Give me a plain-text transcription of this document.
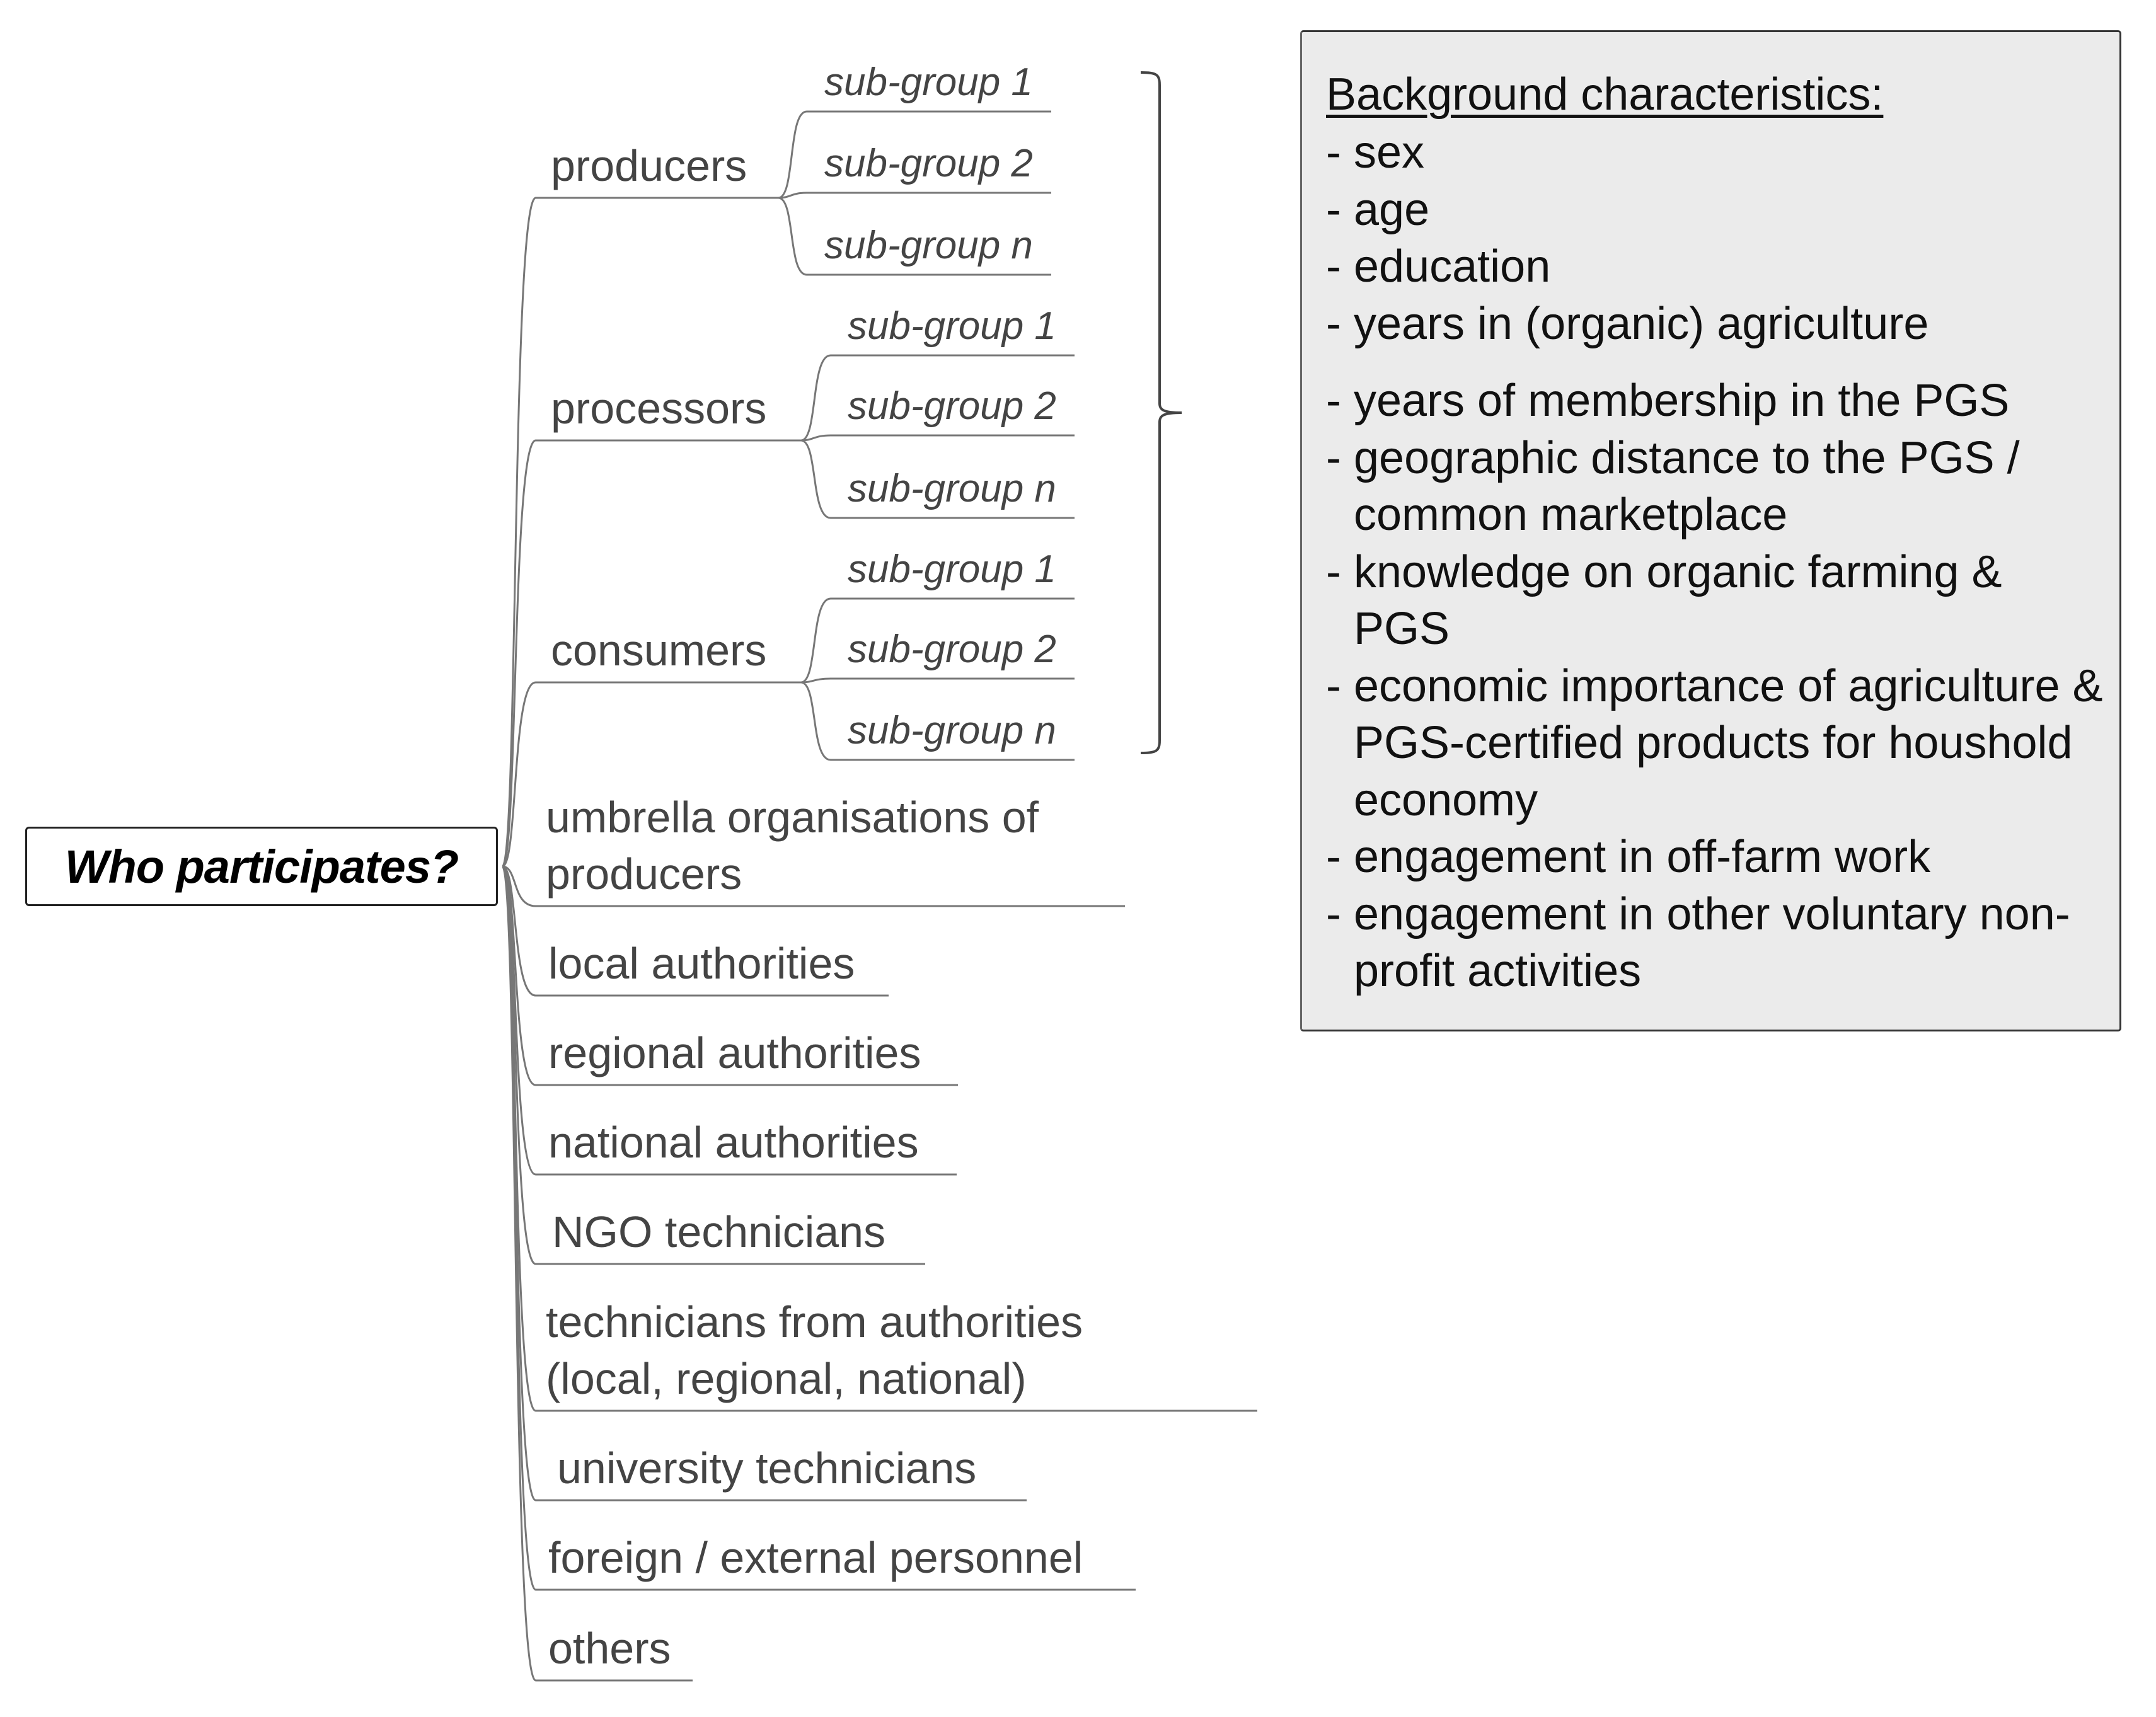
Who participates?
producers
sub-group 1
sub-group 2
sub-group n
processors
sub-group 1
sub-group 2
sub-group n
consumers
sub-group 1
sub-group 2
sub-group n
umbrella organisations of
producers
local authorities
regional authorities
national authorities
NGO technicians
technicians from authorities
(local, regional, national)
university technicians
foreign / external personnel
others
Background characteristics:
- sex
- age
- education
- years in (organic) agriculture
- years of membership in the PGS
- geographic distance to the PGS / common marketplace
- knowledge on organic farming & PGS
- economic importance of agriculture & PGS-certified products for houshold economy
- engagement in off-farm work
- engagement in other voluntary non-profit activities
